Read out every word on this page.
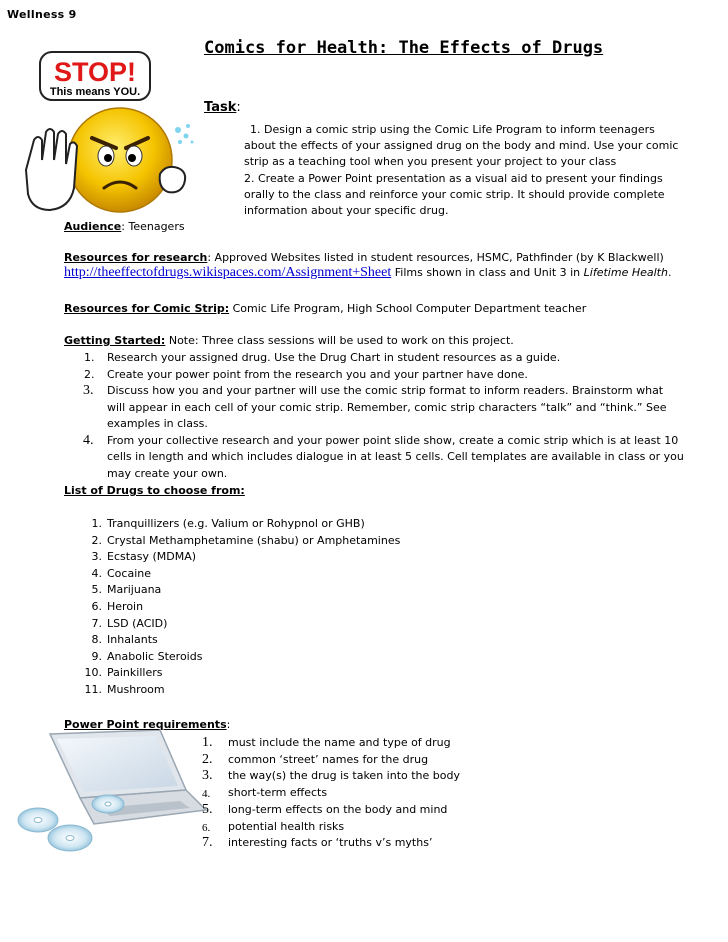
Wellness 9
Comics for Health: The Effects of Drugs
STOP!
This means YOU.
Task:
1. Design a comic strip using the Comic Life Program to inform teenagers
about the effects of your assigned drug on the body and mind. Use your comic
strip as a teaching tool when you present your project to your class
2. Create a Power Point presentation as a visual aid to present your findings
orally to the class and reinforce your comic strip. It should provide complete
information about your specific drug.
Audience: Teenagers
Resources for research: Approved Websites listed in student resources, HSMC, Pathfinder (by K Blackwell)
http://theeffectofdrugs.wikispaces.com/Assignment+Sheet Films shown in class and Unit 3 in Lifetime Health.
Resources for Comic Strip: Comic Life Program, High School Computer Department teacher
Getting Started: Note: Three class sessions will be used to work on this project.
1. Research your assigned drug. Use the Drug Chart in student resources as a guide.
2. Create your power point from the research you and your partner have done.
3. Discuss how you and your partner will use the comic strip format to inform readers. Brainstorm what
will appear in each cell of your comic strip. Remember, comic strip characters “talk” and “think.” See
examples in class.
4. From your collective research and your power point slide show, create a comic strip which is at least 10
cells in length and which includes dialogue in at least 5 cells. Cell templates are available in class or you
may create your own.
List of Drugs to choose from:
1. Tranquillizers (e.g. Valium or Rohypnol or GHB)
2. Crystal Methamphetamine (shabu) or Amphetamines
3. Ecstasy (MDMA)
4. Cocaine
5. Marijuana
6. Heroin
7. LSD (ACID)
8. Inhalants
9. Anabolic Steroids
10. Painkillers
11. Mushroom
Power Point requirements:
1. must include the name and type of drug
2. common ‘street’ names for the drug
3. the way(s) the drug is taken into the body
4. short-term effects
5. long-term effects on the body and mind
6. potential health risks
7. interesting facts or ‘truths v’s myths’
